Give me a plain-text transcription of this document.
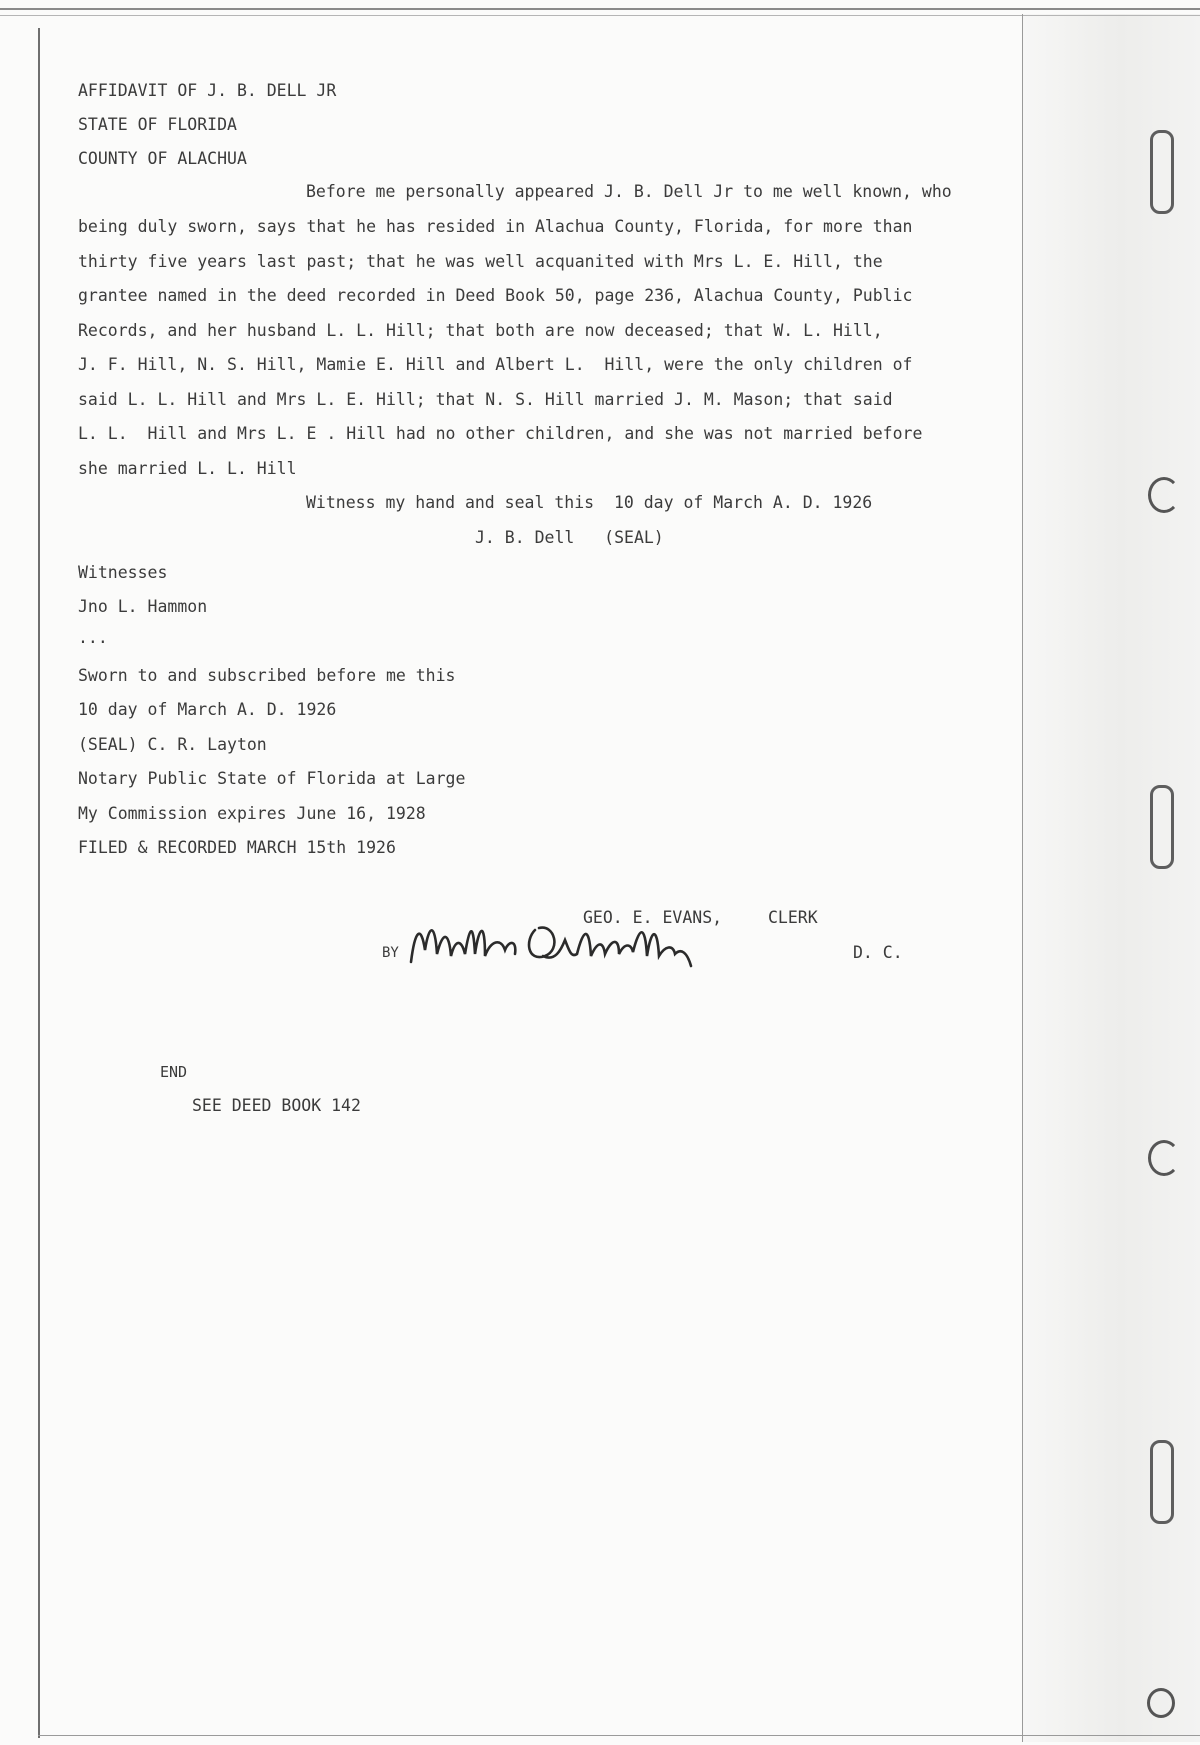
AFFIDAVIT OF J. B. DELL JR
STATE OF FLORIDA
COUNTY OF ALACHUA
Before me personally appeared J. B. Dell Jr to me well known, who
being duly sworn, says that he has resided in Alachua County, Florida, for more than
thirty five years last past; that he was well acquanited with Mrs L. E. Hill, the
grantee named in the deed recorded in Deed Book 50, page 236, Alachua County, Public
Records, and her husband L. L. Hill; that both are now deceased; that W. L. Hill,
J. F. Hill, N. S. Hill, Mamie E. Hill and Albert L.  Hill, were the only children of
said L. L. Hill and Mrs L. E. Hill; that N. S. Hill married J. M. Mason; that said
L. L.  Hill and Mrs L. E . Hill had no other children, and she was not married before
she married L. L. Hill
Witness my hand and seal this  10 day of March A. D. 1926
J. B. Dell   (SEAL)
Witnesses
Jno L. Hammon
...
Sworn to and subscribed before me this
10 day of March A. D. 1926
(SEAL) C. R. Layton
Notary Public State of Florida at Large
My Commission expires June 16, 1928
FILED & RECORDED MARCH 15th 1926
GEO. E. EVANS,	CLERK
BY	D. C.
END
SEE DEED BOOK 142
